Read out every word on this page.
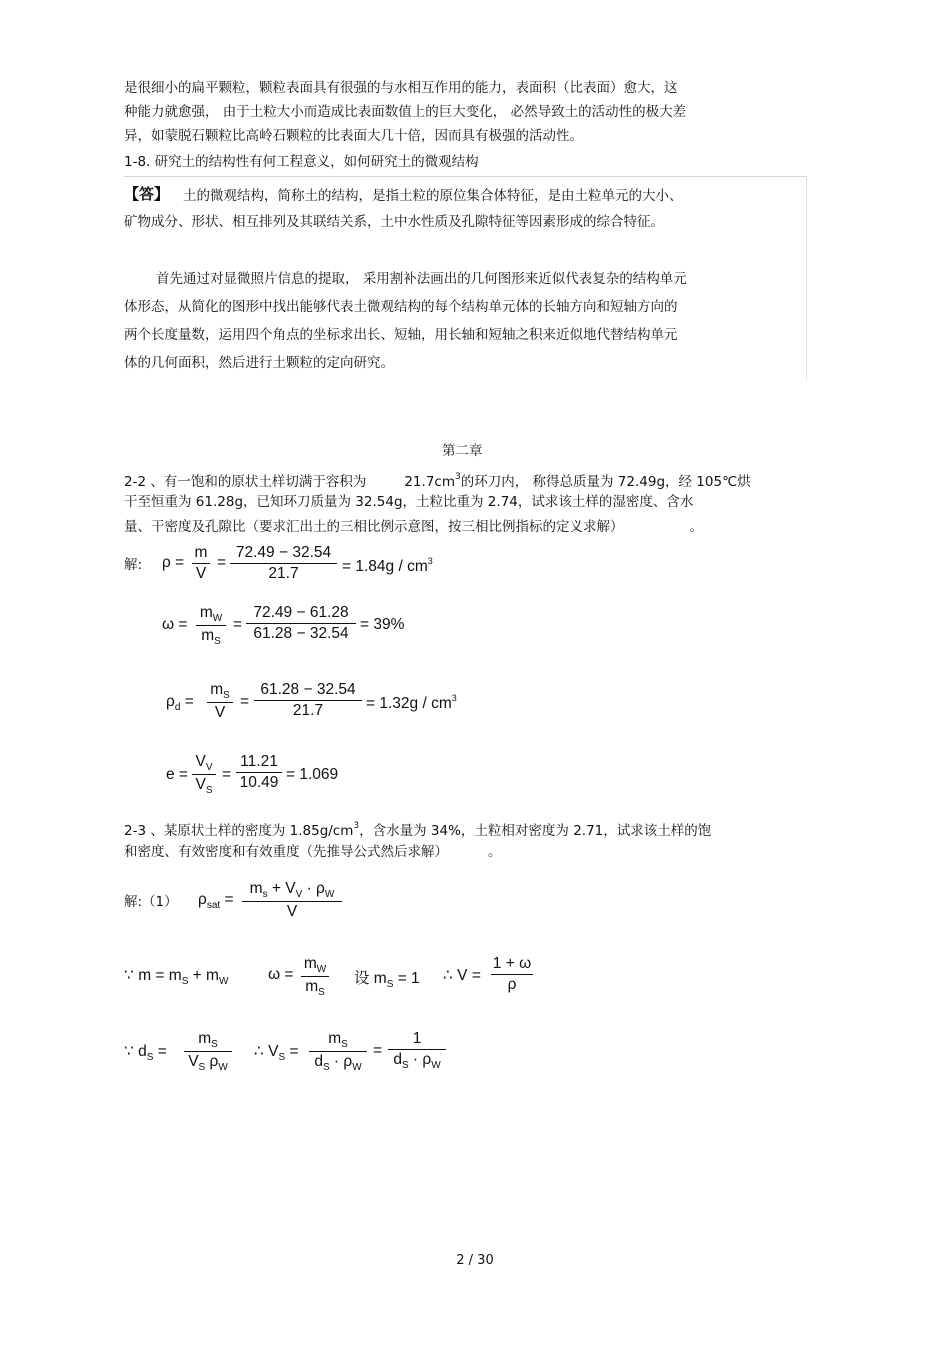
是很细小的扁平颗粒，颗粒表面具有很强的与水相互作用的能力，表面积（比表面）愈大，这
种能力就愈强， 由于土粒大小而造成比表面数值上的巨大变化， 必然导致土的活动性的极大差
异，如蒙脱石颗粒比高岭石颗粒的比表面大几十倍，因而具有极强的活动性。
1-8. 研究土的结构性有何工程意义，如何研究土的微观结构
【答】 土的微观结构，简称土的结构，是指土粒的原位集合体特征，是由土粒单元的大小、
矿物成分、形状、相互排列及其联结关系，土中水性质及孔隙特征等因素形成的综合特征。
首先通过对显微照片信息的提取， 采用割补法画出的几何图形来近似代表复杂的结构单元
体形态，从简化的图形中找出能够代表土微观结构的每个结构单元体的长轴方向和短轴方向的
两个长度量数，运用四个角点的坐标求出长、短轴，用长轴和短轴之积来近似地代替结构单元
体的几何面积，然后进行土颗粒的定向研究。
第二章
2-2 、有一饱和的原状土样切满于容积为	$21.7cm^3$的环刀内， 称得总质量为 72.49g，经 105℃烘
干至恒重为 61.28g，已知环刀质量为 32.54g，土粒比重为 2.74，试求该土样的湿密度、含水
量、干密度及孔隙比（要求汇出土的三相比例示意图，按三相比例指标的定义求解）	。
解: ρ =
m
V
=
72.49 − 32.54
21.7	= $1.84g / cm^3$
ω =
$m_W$
$m_S$
=
72.49 − 61.28
61.28 − 32.54
= 39%
$\rho_d$ =
$m_S$
V
=
61.28 − 32.54
21.7	= $1.32g / cm^3$
e =
$V_V$
$V_S$
=
11.21
10.49 = 1.069
2-3 、某原状土样的密度为 $1.85g/cm^3$，含水量为 34%，土粒相对密度为 2.71，试求该土样的饱
和密度、有效密度和有效重度（先推导公式然后求解）	。
解:（1） $\rho_{sat}$ =
$m_s + V_V \cdot \rho_W$
V
∵ $m = m_S + m_W$	ω =
$m_W$
$m_S$
设 $m_S = 1$ ∴ V =
1 + ω
ρ
∵ $d_S$ =
$m_S$
$V_S$ $\rho_W$
∴ $V_S$ =
$m_S$
$d_S \cdot \rho_W$
=
1
$d_S \cdot \rho_W$
2 / 30
